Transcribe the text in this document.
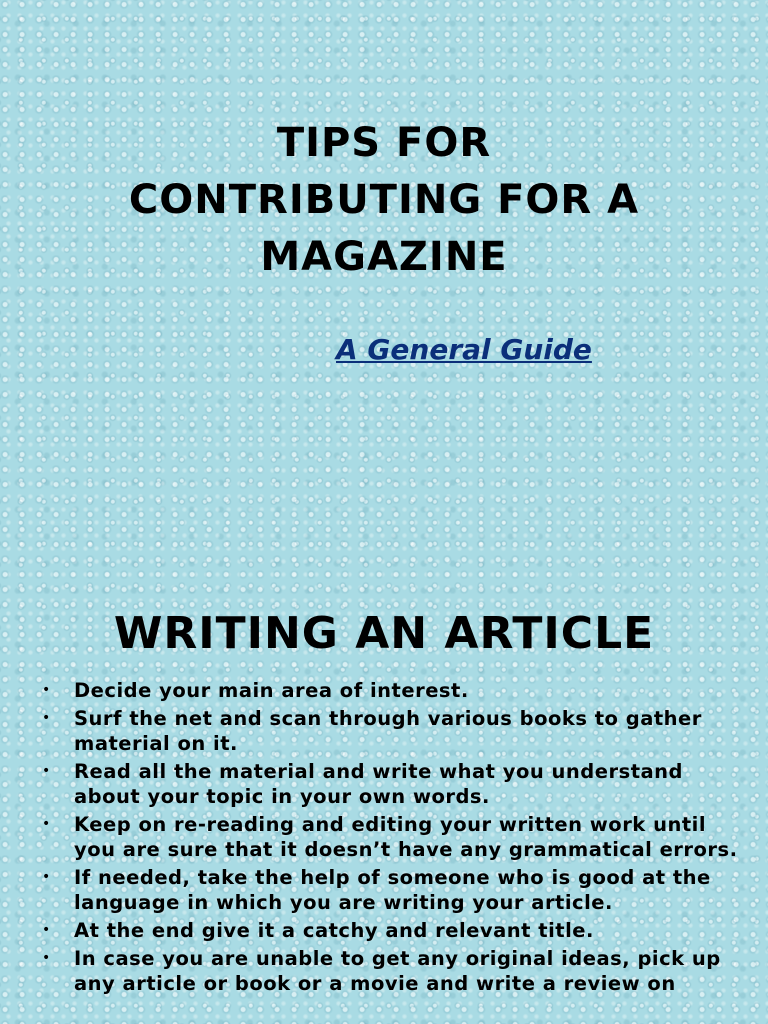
TIPS FOR
CONTRIBUTING FOR A
MAGAZINE

A General Guide

WRITING AN ARTICLE
• Decide your main area of interest.
• Surf the net and scan through various books to gather material on it.
• Read all the material and write what you understand about your topic in your own words.
• Keep on re-reading and editing your written work until you are sure that it doesn’t have any grammatical errors.
• If needed, take the help of someone who is good at the language in which you are writing your article.
• At the end give it a catchy and relevant title.
• In case you are unable to get any original ideas, pick up any article or book or a movie and write a review on
